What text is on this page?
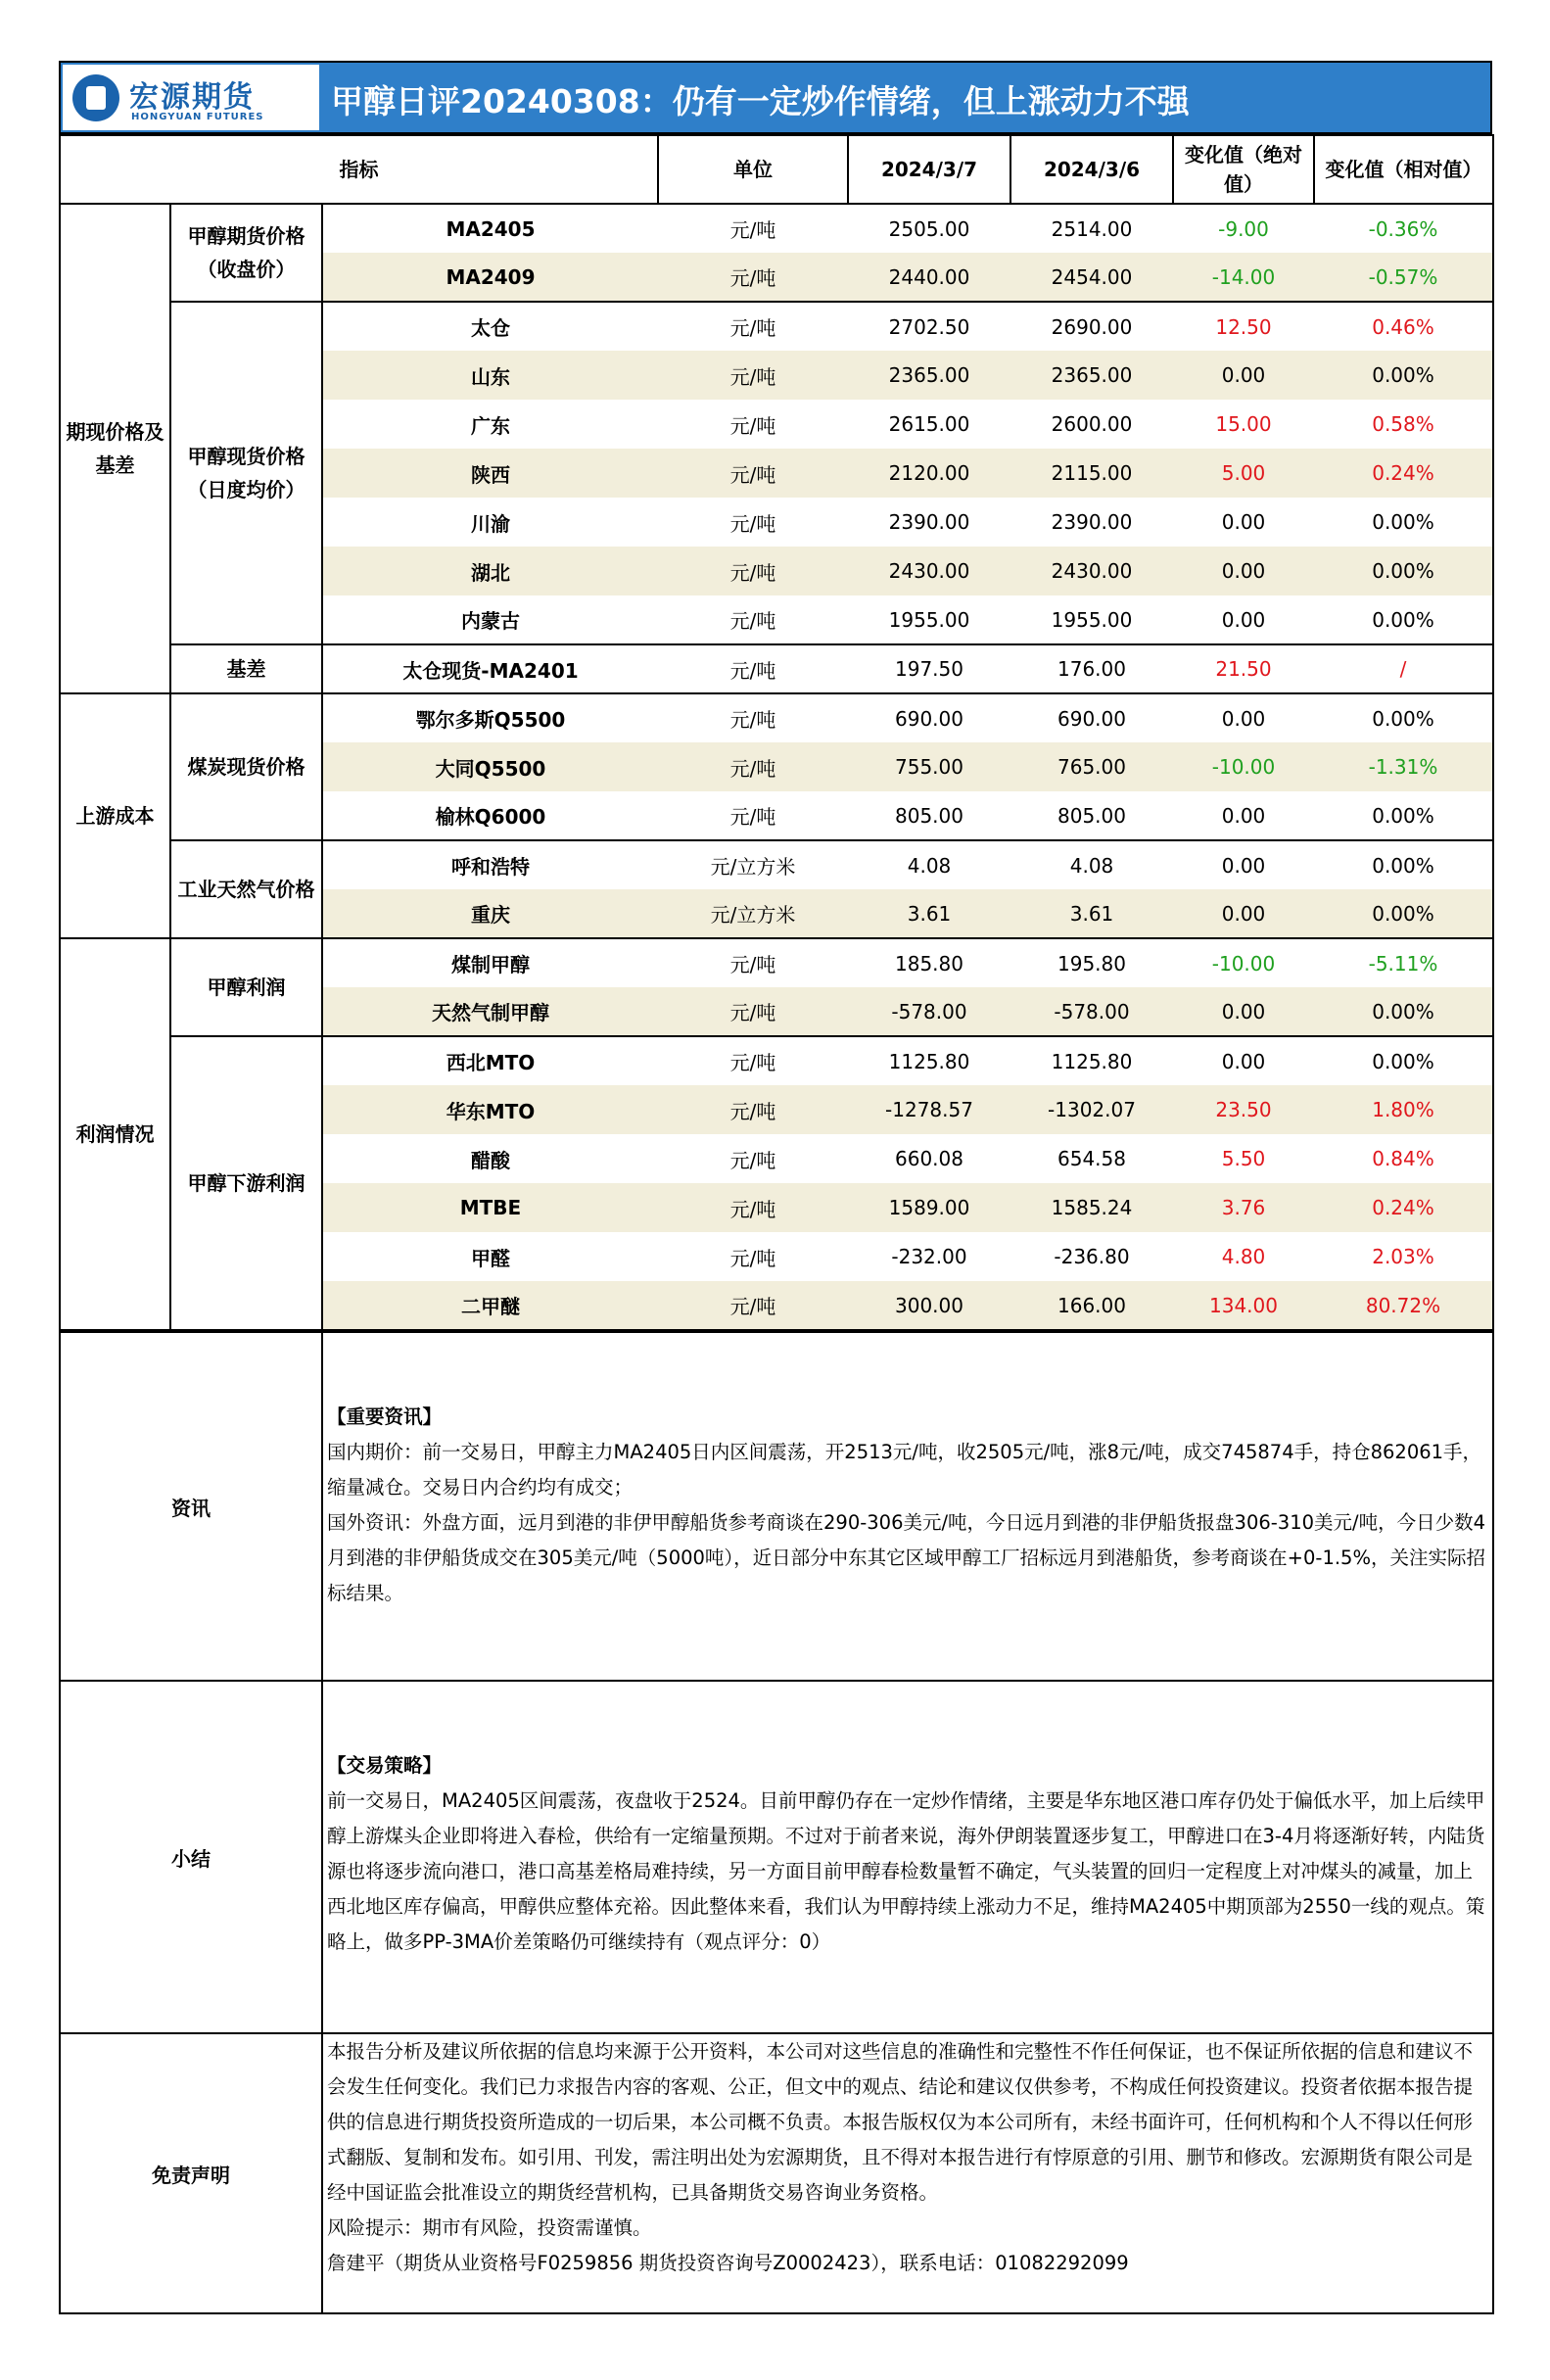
宏源期货
HONGYUAN FUTURES 甲醇日评20240308：仍有一定炒作情绪，但上涨动力不强
指标			单位	2024/3/7	2024/3/6	变化值（绝对值）	变化值（相对值）
期现价格及基差	甲醇期货价格（收盘价）	MA2405	元/吨	2505.00	2514.00	-9.00	-0.36%
		MA2409	元/吨	2440.00	2454.00	-14.00	-0.57%
	甲醇现货价格（日度均价）	太仓	元/吨	2702.50	2690.00	12.50	0.46%
		山东	元/吨	2365.00	2365.00	0.00	0.00%
		广东	元/吨	2615.00	2600.00	15.00	0.58%
		陕西	元/吨	2120.00	2115.00	5.00	0.24%
		川渝	元/吨	2390.00	2390.00	0.00	0.00%
		湖北	元/吨	2430.00	2430.00	0.00	0.00%
		内蒙古	元/吨	1955.00	1955.00	0.00	0.00%
	基差	太仓现货-MA2401	元/吨	197.50	176.00	21.50	/
上游成本	煤炭现货价格	鄂尔多斯Q5500	元/吨	690.00	690.00	0.00	0.00%
		大同Q5500	元/吨	755.00	765.00	-10.00	-1.31%
		榆林Q6000	元/吨	805.00	805.00	0.00	0.00%
	工业天然气价格	呼和浩特	元/立方米	4.08	4.08	0.00	0.00%
		重庆	元/立方米	3.61	3.61	0.00	0.00%
利润情况	甲醇利润	煤制甲醇	元/吨	185.80	195.80	-10.00	-5.11%
		天然气制甲醇	元/吨	-578.00	-578.00	0.00	0.00%
	甲醇下游利润	西北MTO	元/吨	1125.80	1125.80	0.00	0.00%
		华东MTO	元/吨	-1278.57	-1302.07	23.50	1.80%
		醋酸	元/吨	660.08	654.58	5.50	0.84%
		MTBE	元/吨	1589.00	1585.24	3.76	0.24%
		甲醛	元/吨	-232.00	-236.80	4.80	2.03%
		二甲醚	元/吨	300.00	166.00	134.00	80.72%
资讯	【重要资讯】

国内期价：前一交易日，甲醇主力MA2405日内区间震荡，开2513元/吨，收2505元/吨，涨8元/吨，成交745874手，持仓862061手，缩量减仓。交易日内合约均有成交；

国外资讯：外盘方面，远月到港的非伊甲醇船货参考商谈在290-306美元/吨，今日远月到港的非伊船货报盘306-310美元/吨，今日少数4月到港的非伊船货成交在305美元/吨（5000吨），近日部分中东其它区域甲醇工厂招标远月到港船货，参考商谈在+0-1.5%，关注实际招标结果。

小结	【交易策略】

前一交易日，MA2405区间震荡，夜盘收于2524。目前甲醇仍存在一定炒作情绪，主要是华东地区港口库存仍处于偏低水平，加上后续甲醇上游煤头企业即将进入春检，供给有一定缩量预期。不过对于前者来说，海外伊朗装置逐步复工，甲醇进口在3-4月将逐渐好转，内陆货源也将逐步流向港口，港口高基差格局难持续，另一方面目前甲醇春检数量暂不确定，气头装置的回归一定程度上对冲煤头的减量，加上西北地区库存偏高，甲醇供应整体充裕。因此整体来看，我们认为甲醇持续上涨动力不足，维持MA2405中期顶部为2550一线的观点。策略上，做多PP-3MA价差策略仍可继续持有（观点评分：0）

免责声明	本报告分析及建议所依据的信息均来源于公开资料，本公司对这些信息的准确性和完整性不作任何保证，也不保证所依据的信息和建议不会发生任何变化。我们已力求报告内容的客观、公正，但文中的观点、结论和建议仅供参考，不构成任何投资建议。投资者依据本报告提供的信息进行期货投资所造成的一切后果，本公司概不负责。本报告版权仅为本公司所有，未经书面许可，任何机构和个人不得以任何形式翻版、复制和发布。如引用、刊发，需注明出处为宏源期货，且不得对本报告进行有悖原意的引用、删节和修改。宏源期货有限公司是经中国证监会批准设立的期货经营机构，已具备期货交易咨询业务资格。

风险提示：期市有风险，投资需谨慎。

詹建平（期货从业资格号F0259856 期货投资咨询号Z0002423），联系电话：01082292099
